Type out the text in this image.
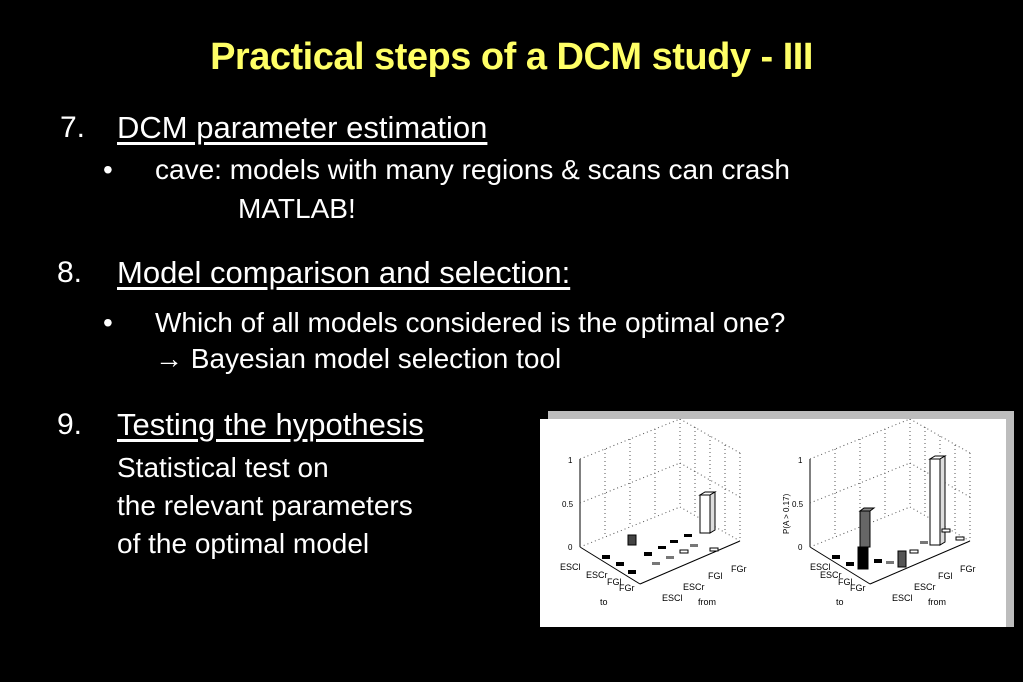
Practical steps of a DCM study - III
7. DCM parameter estimation
• cave: models with many regions & scans can crash
MATLAB!
8. Model comparison and selection:
• Which of all models considered is the optimal one?
→ Bayesian model selection tool
9. Testing the hypothesis
Statistical test on
the relevant parameters
of the optimal model
1
0.5
0
ESCl
ESCr
FGl
FGr
to	ESCl
ESCr
FGl
FGr
from
1
0.5
0
P(A > 0.17)
ESCl
ESCr
FGl
FGr
to	ESCl
ESCr
FGl
FGr
from
